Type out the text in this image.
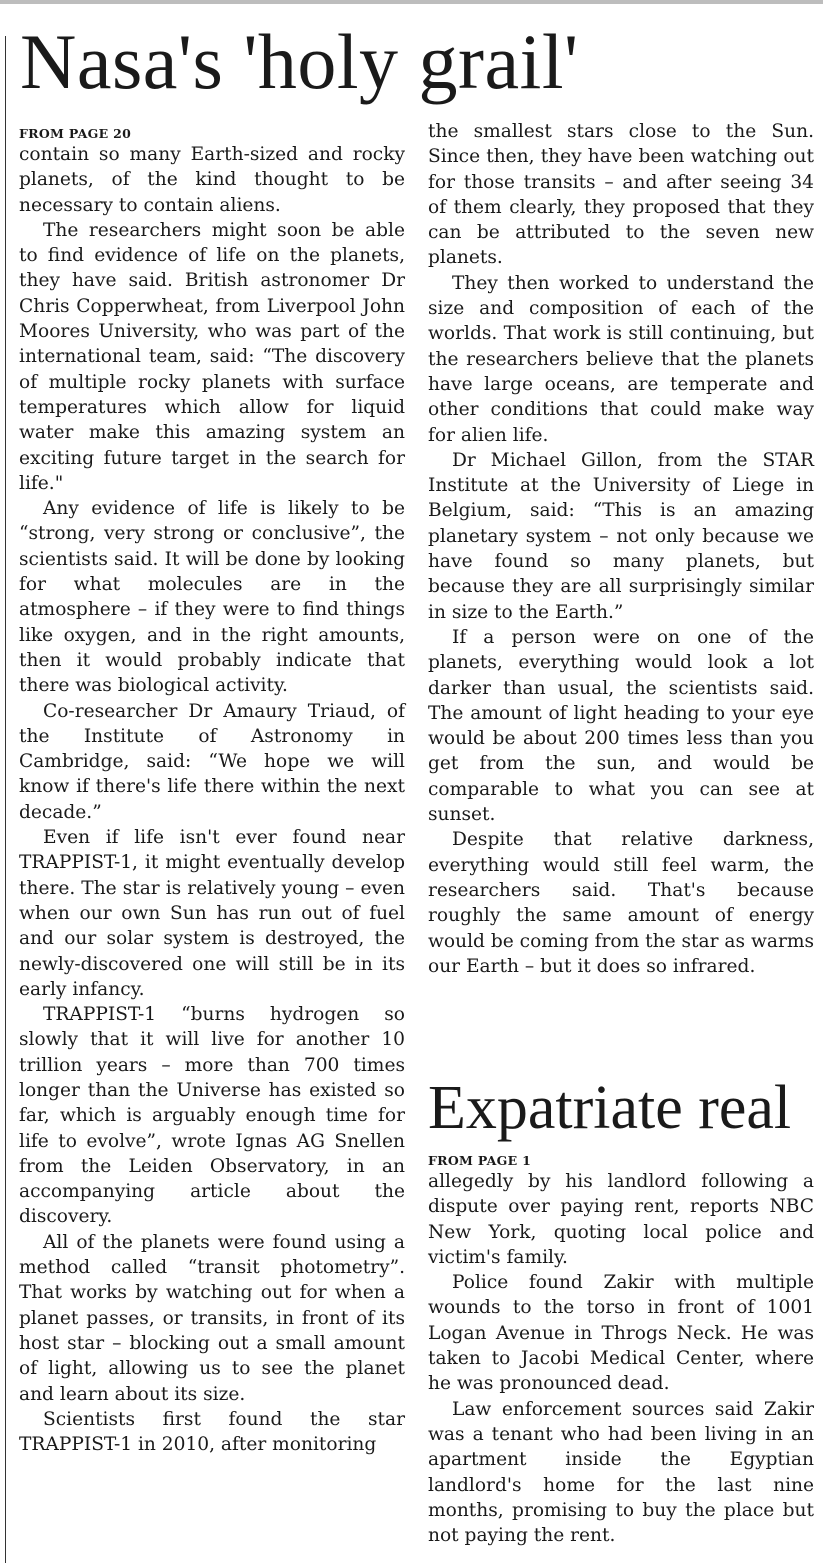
Nasa's 'holy grail'
FROM PAGE 20

contain so many Earth-sized and rocky planets, of the kind thought to be necessary to contain aliens.

The researchers might soon be able to find evidence of life on the planets, they have said. British astronomer Dr Chris Copperwheat, from Liverpool John Moores University, who was part of the international team, said: “The discovery of multiple rocky planets with surface temperatures which allow for liquid water make this amazing system an exciting future target in the search for life."

Any evidence of life is likely to be “strong, very strong or conclusive”, the scientists said. It will be done by looking for what molecules are in the atmosphere – if they were to find things like oxygen, and in the right amounts, then it would probably indicate that there was biological activity.

Co-researcher Dr Amaury Triaud, of the Institute of Astronomy in Cambridge, said: “We hope we will know if there's life there within the next decade.”

Even if life isn't ever found near TRAPPIST-1, it might eventually develop there. The star is relatively young – even when our own Sun has run out of fuel and our solar system is destroyed, the newly-discovered one will still be in its early infancy.

TRAPPIST-1 “burns hydrogen so slowly that it will live for another 10 trillion years – more than 700 times longer than the Universe has existed so far, which is arguably enough time for life to evolve”, wrote Ignas AG Snellen from the Leiden Observatory, in an accompanying article about the discovery.

All of the planets were found using a method called “transit photometry”. That works by watching out for when a planet passes, or transits, in front of its host star – blocking out a small amount of light, allowing us to see the planet and learn about its size.

Scientists first found the star TRAPPIST-1 in 2010, after monitoring

the smallest stars close to the Sun. Since then, they have been watching out for those transits – and after seeing 34 of them clearly, they proposed that they can be attributed to the seven new planets.

They then worked to understand the size and composition of each of the worlds. That work is still continuing, but the researchers believe that the planets have large oceans, are temperate and other conditions that could make way for alien life.

Dr Michael Gillon, from the STAR Institute at the University of Liege in Belgium, said: “This is an amazing planetary system – not only because we have found so many planets, but because they are all surprisingly similar in size to the Earth.”

If a person were on one of the planets, everything would look a lot darker than usual, the scientists said. The amount of light heading to your eye would be about 200 times less than you get from the sun, and would be comparable to what you can see at sunset.

Despite that relative darkness, everything would still feel warm, the researchers said. That's because roughly the same amount of energy would be coming from the star as warms our Earth – but it does so infrared.

Expatriate real
FROM PAGE 1

allegedly by his landlord following a dispute over paying rent, reports NBC New York, quoting local police and victim's family.

Police found Zakir with multiple wounds to the torso in front of 1001 Logan Avenue in Throgs Neck. He was taken to Jacobi Medical Center, where he was pronounced dead.

Law enforcement sources said Zakir was a tenant who had been living in an apartment inside the Egyptian landlord's home for the last nine months, promising to buy the place but not paying the rent.
